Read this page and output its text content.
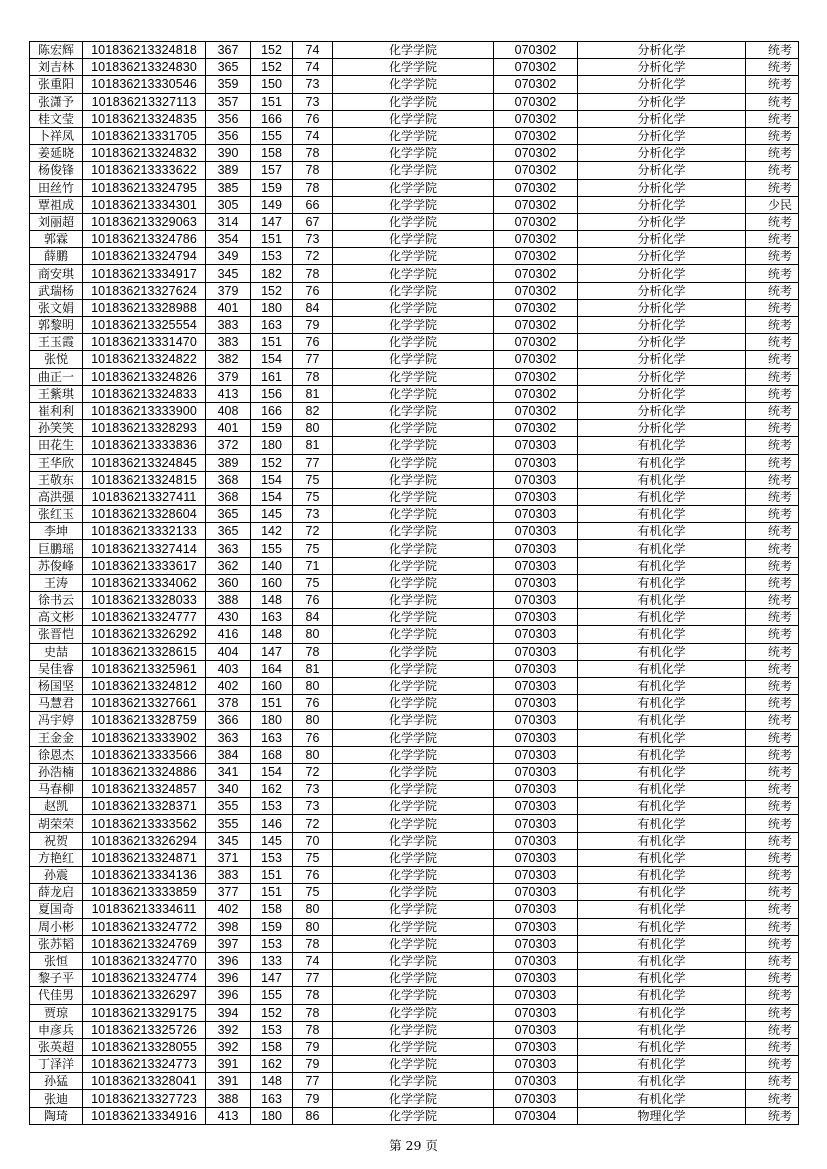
陈宏辉	101836213324818	367	152	74	化学学院	070302	分析化学	统考
刘吉林	101836213324830	365	152	74	化学学院	070302	分析化学	统考
张重阳	101836213330546	359	150	73	化学学院	070302	分析化学	统考
张潇予	101836213327113	357	151	73	化学学院	070302	分析化学	统考
桂文莹	101836213324835	356	166	76	化学学院	070302	分析化学	统考
卜祥凤	101836213331705	356	155	74	化学学院	070302	分析化学	统考
姜延晓	101836213324832	390	158	78	化学学院	070302	分析化学	统考
杨俊锋	101836213333622	389	157	78	化学学院	070302	分析化学	统考
田丝竹	101836213324795	385	159	78	化学学院	070302	分析化学	统考
覃祖成	101836213334301	305	149	66	化学学院	070302	分析化学	少民
刘丽超	101836213329063	314	147	67	化学学院	070302	分析化学	统考
郭霖	101836213324786	354	151	73	化学学院	070302	分析化学	统考
薛鹏	101836213324794	349	153	72	化学学院	070302	分析化学	统考
商安琪	101836213334917	345	182	78	化学学院	070302	分析化学	统考
武瑞杨	101836213327624	379	152	76	化学学院	070302	分析化学	统考
张文娟	101836213328988	401	180	84	化学学院	070302	分析化学	统考
郭黎明	101836213325554	383	163	79	化学学院	070302	分析化学	统考
王玉霞	101836213331470	383	151	76	化学学院	070302	分析化学	统考
张悦	101836213324822	382	154	77	化学学院	070302	分析化学	统考
曲正一	101836213324826	379	161	78	化学学院	070302	分析化学	统考
王紫琪	101836213324833	413	156	81	化学学院	070302	分析化学	统考
崔利利	101836213333900	408	166	82	化学学院	070302	分析化学	统考
孙笑笑	101836213328293	401	159	80	化学学院	070302	分析化学	统考
田花生	101836213333836	372	180	81	化学学院	070303	有机化学	统考
王华欣	101836213324845	389	152	77	化学学院	070303	有机化学	统考
王敬东	101836213324815	368	154	75	化学学院	070303	有机化学	统考
高洪强	101836213327411	368	154	75	化学学院	070303	有机化学	统考
张红玉	101836213328604	365	145	73	化学学院	070303	有机化学	统考
李坤	101836213332133	365	142	72	化学学院	070303	有机化学	统考
巨鹏瑶	101836213327414	363	155	75	化学学院	070303	有机化学	统考
苏俊峰	101836213333617	362	140	71	化学学院	070303	有机化学	统考
王涛	101836213334062	360	160	75	化学学院	070303	有机化学	统考
徐书云	101836213328033	388	148	76	化学学院	070303	有机化学	统考
高文彬	101836213324777	430	163	84	化学学院	070303	有机化学	统考
张晋恺	101836213326292	416	148	80	化学学院	070303	有机化学	统考
史喆	101836213328615	404	147	78	化学学院	070303	有机化学	统考
吴佳睿	101836213325961	403	164	81	化学学院	070303	有机化学	统考
杨国坚	101836213324812	402	160	80	化学学院	070303	有机化学	统考
马慧君	101836213327661	378	151	76	化学学院	070303	有机化学	统考
冯宇婷	101836213328759	366	180	80	化学学院	070303	有机化学	统考
王金金	101836213333902	363	163	76	化学学院	070303	有机化学	统考
徐恩杰	101836213333566	384	168	80	化学学院	070303	有机化学	统考
孙浩楠	101836213324886	341	154	72	化学学院	070303	有机化学	统考
马春柳	101836213324857	340	162	73	化学学院	070303	有机化学	统考
赵凯	101836213328371	355	153	73	化学学院	070303	有机化学	统考
胡荣荣	101836213333562	355	146	72	化学学院	070303	有机化学	统考
祝贺	101836213326294	345	145	70	化学学院	070303	有机化学	统考
方艳红	101836213324871	371	153	75	化学学院	070303	有机化学	统考
孙震	101836213334136	383	151	76	化学学院	070303	有机化学	统考
薛龙启	101836213333859	377	151	75	化学学院	070303	有机化学	统考
夏国奇	101836213334611	402	158	80	化学学院	070303	有机化学	统考
周小彬	101836213324772	398	159	80	化学学院	070303	有机化学	统考
张苏韬	101836213324769	397	153	78	化学学院	070303	有机化学	统考
张恒	101836213324770	396	133	74	化学学院	070303	有机化学	统考
黎子平	101836213324774	396	147	77	化学学院	070303	有机化学	统考
代佳男	101836213326297	396	155	78	化学学院	070303	有机化学	统考
贾琼	101836213329175	394	152	78	化学学院	070303	有机化学	统考
申彦兵	101836213325726	392	153	78	化学学院	070303	有机化学	统考
张英超	101836213328055	392	158	79	化学学院	070303	有机化学	统考
丁泽洋	101836213324773	391	162	79	化学学院	070303	有机化学	统考
孙猛	101836213328041	391	148	77	化学学院	070303	有机化学	统考
张迪	101836213327723	388	163	79	化学学院	070303	有机化学	统考
陶琦	101836213334916	413	180	86	化学学院	070304	物理化学	统考
第 29 页
